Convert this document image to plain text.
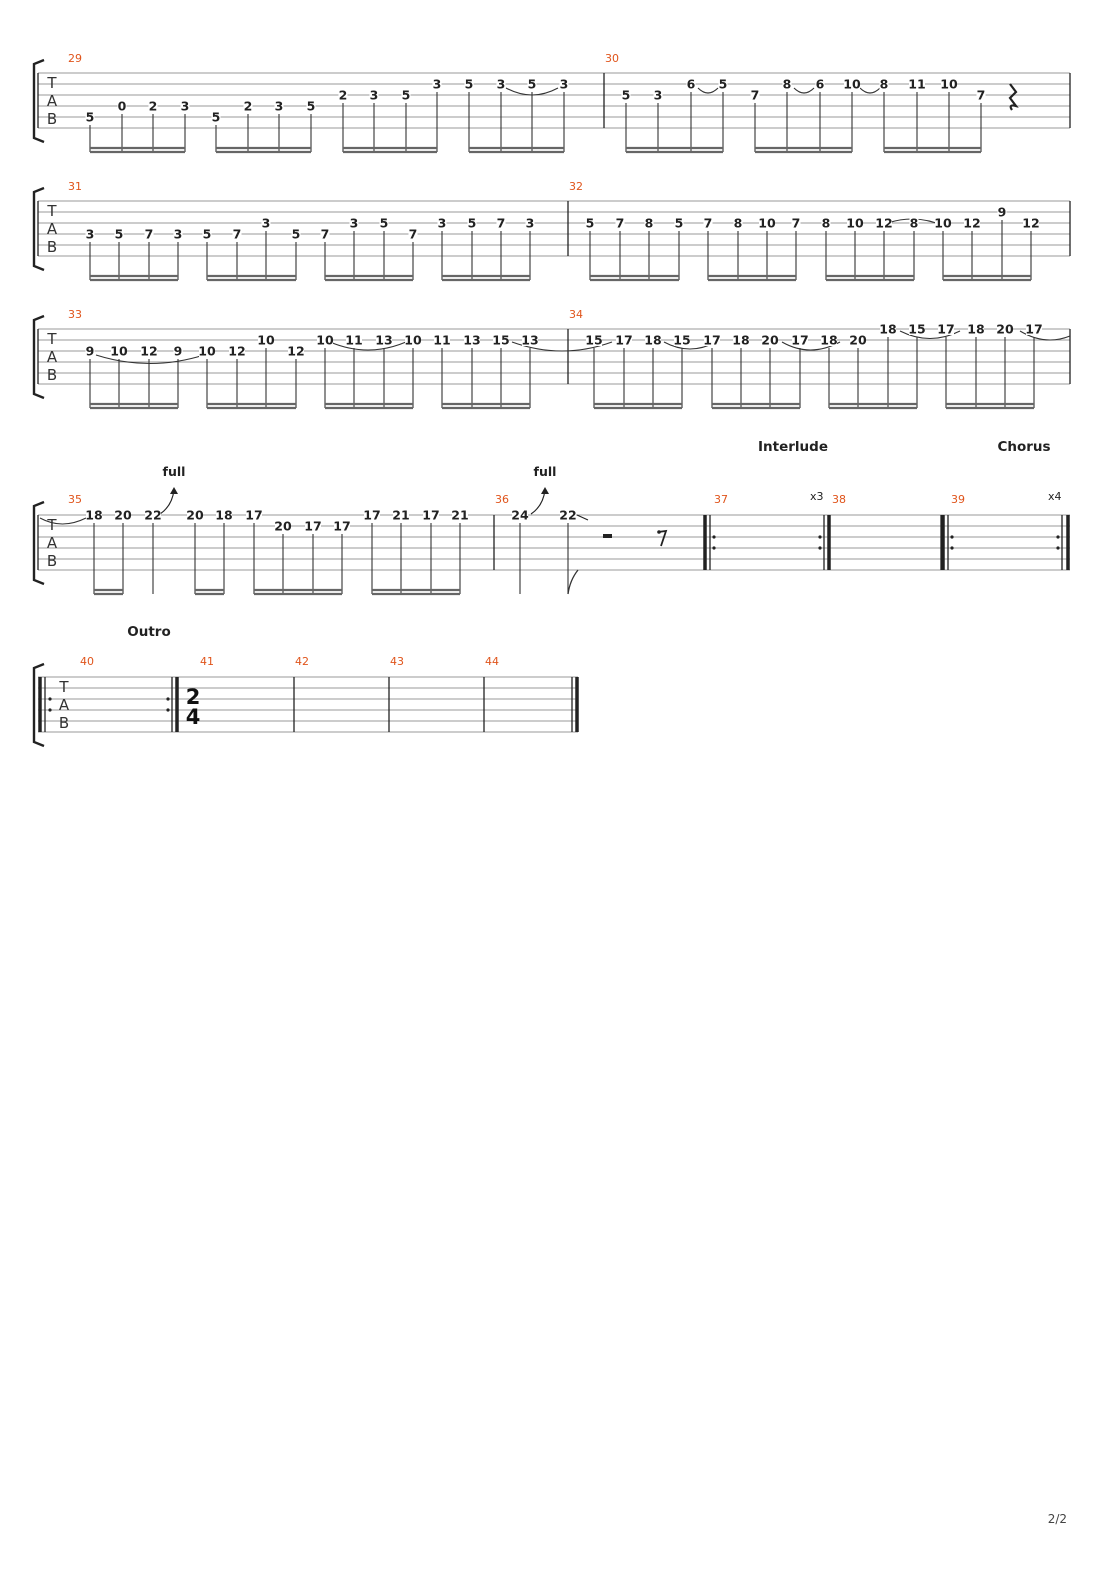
T
A
B
29	30
5
0 2 3
5
2 3 5
2 3 5
3 5 3 5 3
5 3
6 5
7
8 6 10 8 11 10
7
T
A
B
31	32
3 5 7 3 5 7
3
5 7
3 5
7
3 5 7 3	5 7 8 5 7 8 10 7 8 10 12 8 10 12
9
12
T
A
B
33	34
9 10 12 9 10 12
10
12
10 11 13 10 11 13 15 13	15 17 18 15 17 18 20 17 18 20
18 15 17 18 20 17
Interlude	Chorus
x3	x4
T
A
B
35	36	37	38	39
full	full
18 20 22 20 18 17
20 17 17
17 21 17 21	24 22
Outro
T
A
B
2
4
40	41	42	43	44
2/2
